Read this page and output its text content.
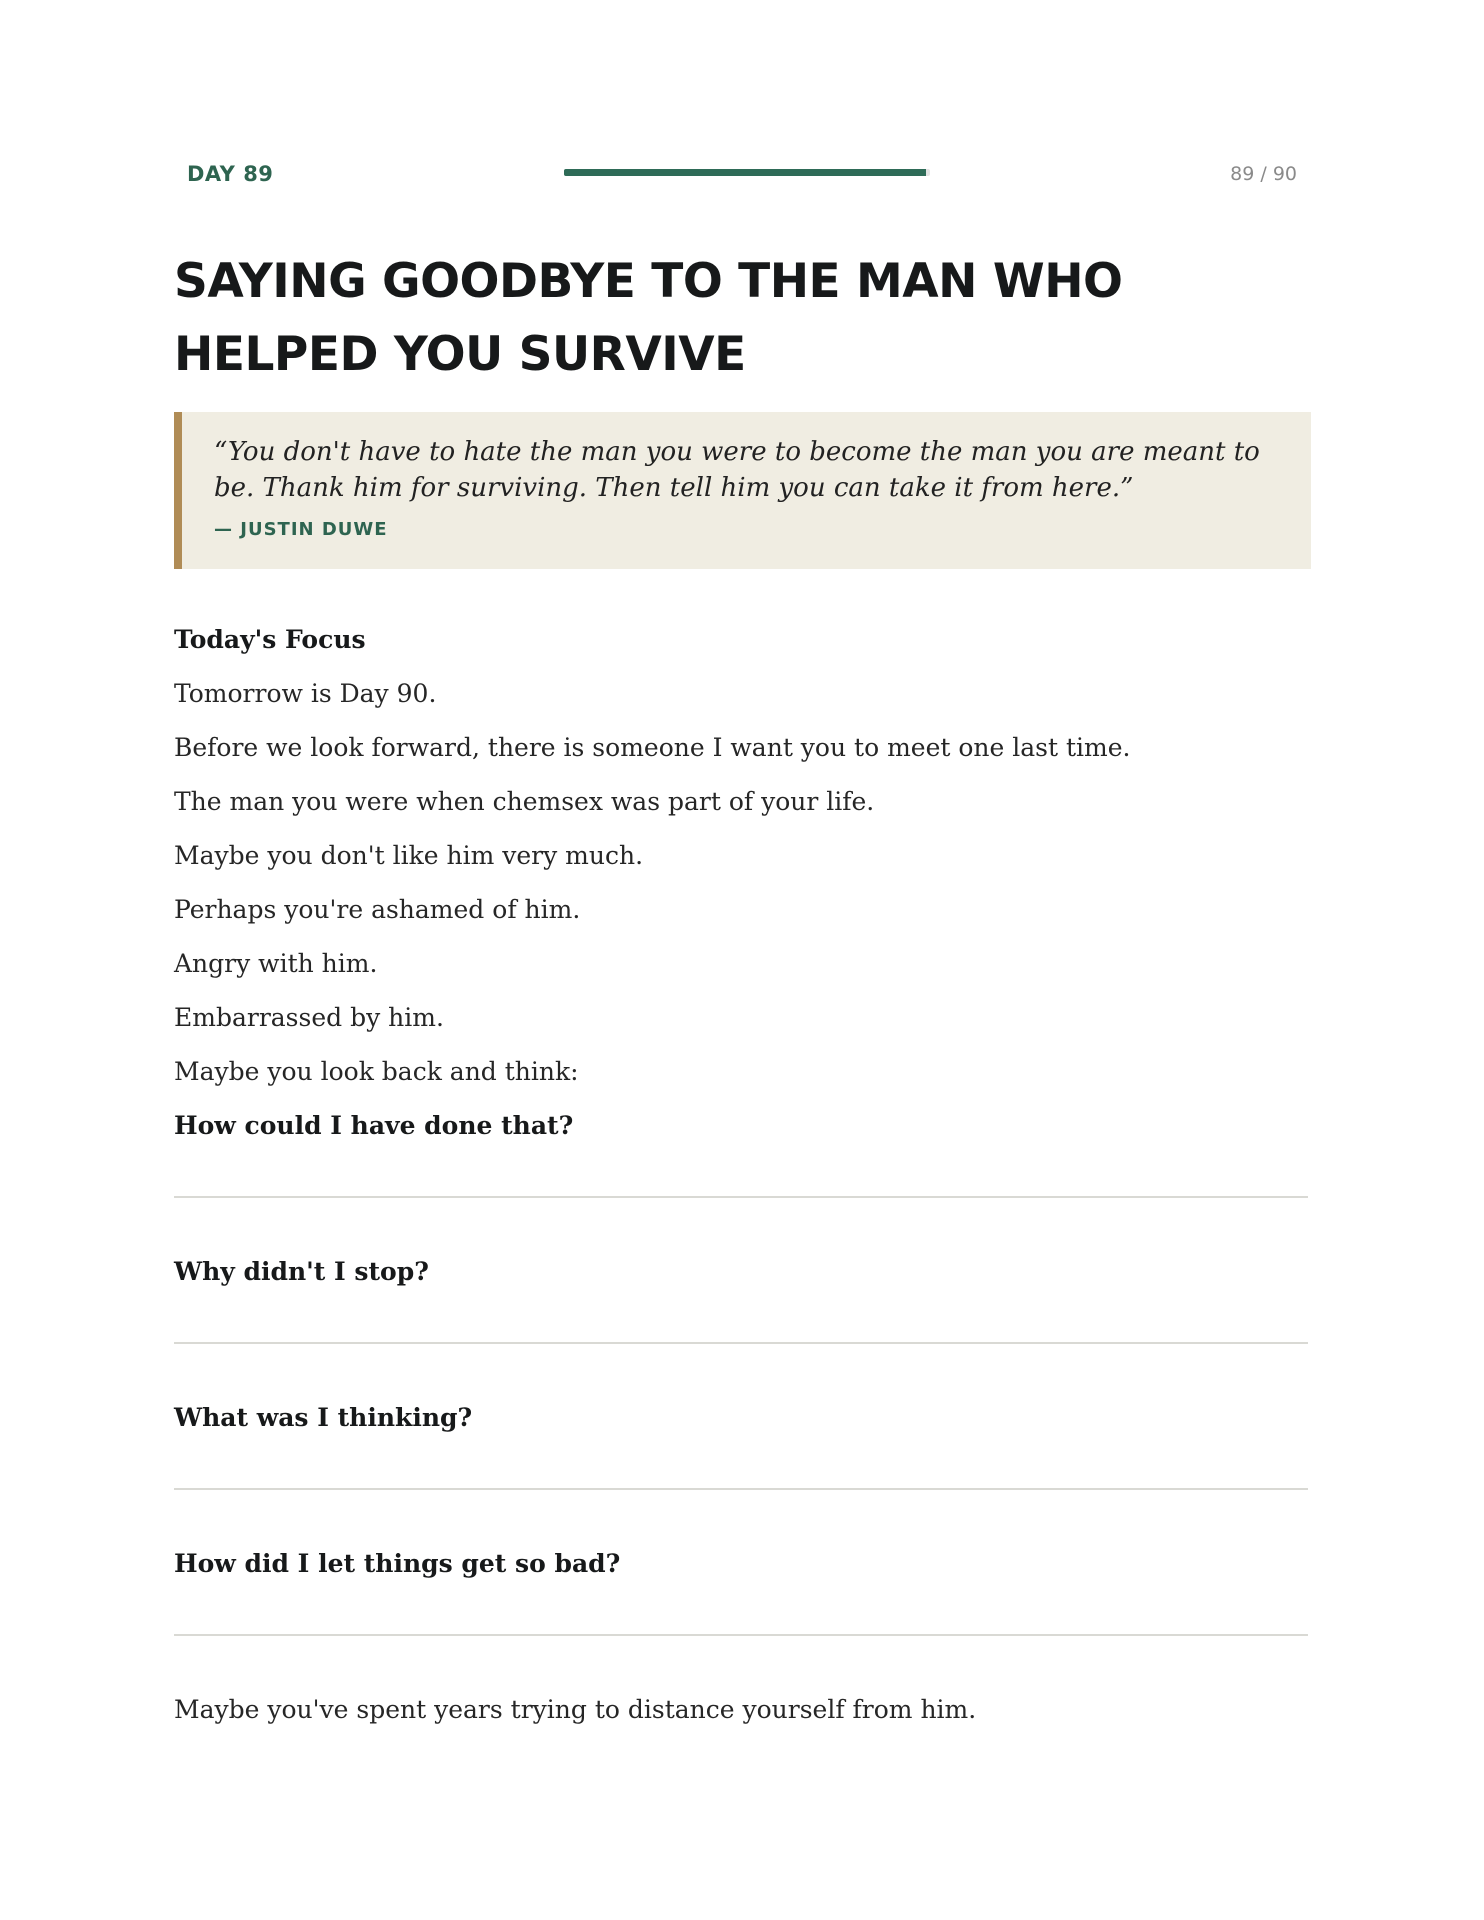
DAY 89	89 / 90
SAYING GOODBYE TO THE MAN WHO HELPED YOU SURVIVE

“You don't have to hate the man you were to become the man you are meant to be. Thank him for surviving. Then tell him you can take it from here.”

— JUSTIN DUWE
Today's Focus

Tomorrow is Day 90.

Before we look forward, there is someone I want you to meet one last time.

The man you were when chemsex was part of your life.

Maybe you don't like him very much.

Perhaps you're ashamed of him.

Angry with him.

Embarrassed by him.

Maybe you look back and think:

How could I have done that?

Why didn't I stop?
What was I thinking?
How did I let things get so bad?

Maybe you've spent years trying to distance yourself from him.
